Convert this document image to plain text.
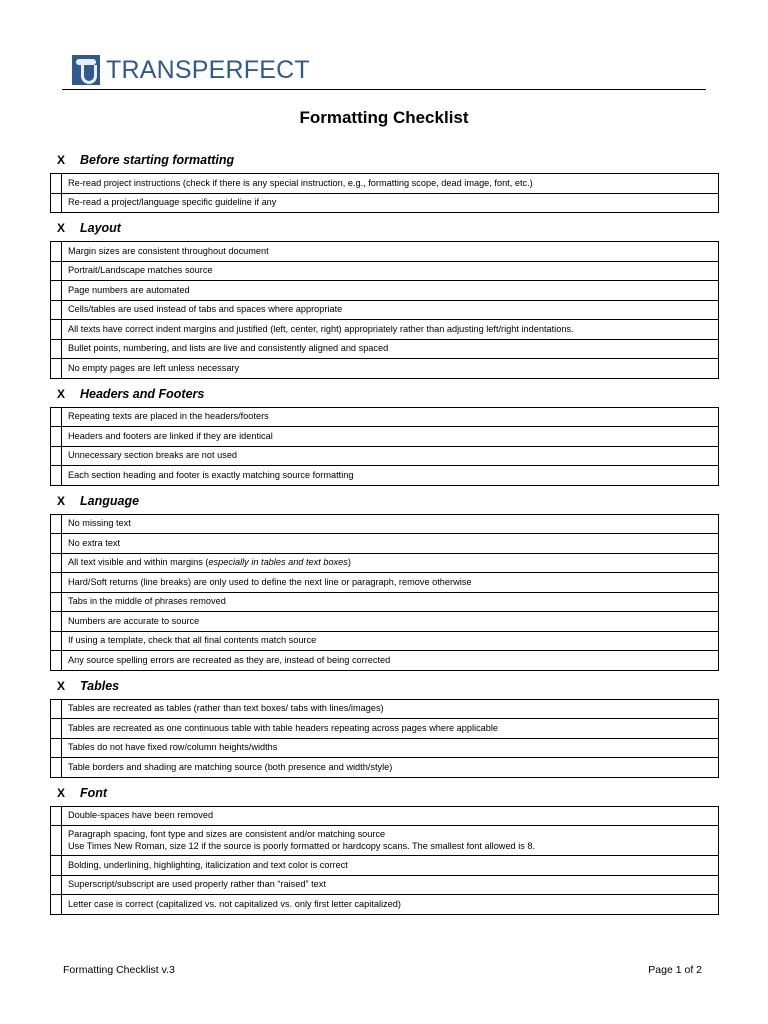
TRANSPERFECT
Formatting Checklist
X	Before starting formatting
	Re-read project instructions (check if there is any special instruction, e.g., formatting scope, dead image, font, etc.)
	Re-read a project/language specific guideline if any
X	Layout
	Margin sizes are consistent throughout document
	Portrait/Landscape matches source
	Page numbers are automated
	Cells/tables are used instead of tabs and spaces where appropriate
	All texts have correct indent margins and justified (left, center, right) appropriately rather than adjusting left/right indentations.
	Bullet points, numbering, and lists are live and consistently aligned and spaced
	No empty pages are left unless necessary
X	Headers and Footers
	Repeating texts are placed in the headers/footers
	Headers and footers are linked if they are identical
	Unnecessary section breaks are not used
	Each section heading and footer is exactly matching source formatting
X	Language
	No missing text
	No extra text
	All text visible and within margins (especially in tables and text boxes)
	Hard/Soft returns (line breaks) are only used to define the next line or paragraph, remove otherwise
	Tabs in the middle of phrases removed
	Numbers are accurate to source
	If using a template, check that all final contents match source
	Any source spelling errors are recreated as they are, instead of being corrected
X	Tables
	Tables are recreated as tables (rather than text boxes/ tabs with lines/images)
	Tables are recreated as one continuous table with table headers repeating across pages where applicable
	Tables do not have fixed row/column heights/widths
	Table borders and shading are matching source (both presence and width/style)
X	Font
	Double-spaces have been removed
	Paragraph spacing, font type and sizes are consistent and/or matching source
Use Times New Roman, size 12 if the source is poorly formatted or hardcopy scans. The smallest font allowed is 8.
	Bolding, underlining, highlighting, italicization and text color is correct
	Superscript/subscript are used properly rather than “raised” text
	Letter case is correct (capitalized vs. not capitalized vs. only first letter capitalized)
Formatting Checklist v.3	Page 1 of 2
